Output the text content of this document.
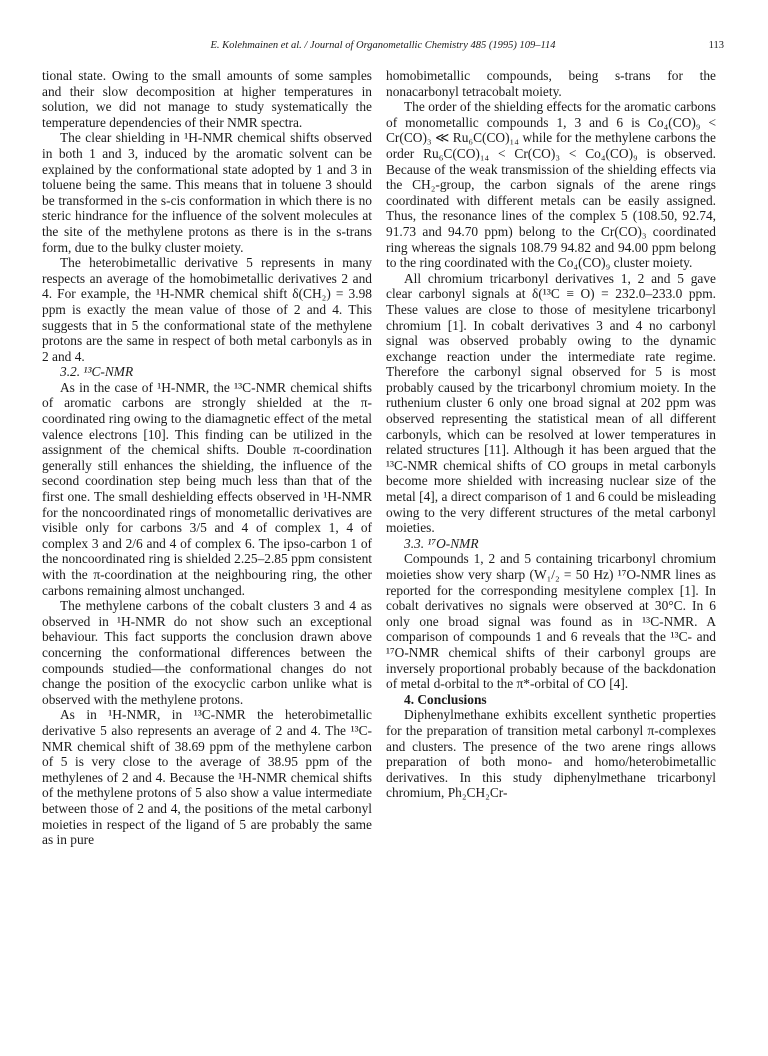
E. Kolehmainen et al. / Journal of Organometallic Chemistry 485 (1995) 109–114	113

tional state. Owing to the small amounts of some samples and their slow decomposition at higher temperatures in solution, we did not manage to study systematically the temperature dependencies of their NMR spectra.

The clear shielding in ¹H-NMR chemical shifts observed in both 1 and 3, induced by the aromatic solvent can be explained by the conformational state adopted by 1 and 3 in toluene being the same. This means that in toluene 3 should be transformed in the s-cis conformation in which there is no steric hindrance for the influence of the solvent molecules at the site of the methylene protons as there is in the s-trans form, due to the bulky cluster moiety.

The heterobimetallic derivative 5 represents in many respects an average of the homobimetallic derivatives 2 and 4. For example, the ¹H-NMR chemical shift δ(CH₂) = 3.98 ppm is exactly the mean value of those of 2 and 4. This suggests that in 5 the conformational state of the methylene protons are the same in respect of both metal carbonyls as in 2 and 4.

3.2. ¹³C-NMR

As in the case of ¹H-NMR, the ¹³C-NMR chemical shifts of aromatic carbons are strongly shielded at the π-coordinated ring owing to the diamagnetic effect of the metal valence electrons [10]. This finding can be utilized in the assignment of the chemical shifts. Double π-coordination generally still enhances the shielding, the influence of the second coordination step being much less than that of the first one. The small deshielding effects observed in ¹H-NMR for the noncoordinated rings of monometallic derivatives are visible only for carbons 3/5 and 4 of complex 1, 4 of complex 3 and 2/6 and 4 of complex 6. The ipso-carbon 1 of the noncoordinated ring is shielded 2.25–2.85 ppm consistent with the π-coordination at the neighbouring ring, the other carbons remaining almost unchanged.

The methylene carbons of the cobalt clusters 3 and 4 as observed in ¹H-NMR do not show such an exceptional behaviour. This fact supports the conclusion drawn above concerning the conformational differences between the compounds studied—the conformational changes do not change the position of the exocyclic carbon unlike what is observed with the methylene protons.

As in ¹H-NMR, in ¹³C-NMR the heterobimetallic derivative 5 also represents an average of 2 and 4. The ¹³C-NMR chemical shift of 38.69 ppm of the methylene carbon of 5 is very close to the average of 38.95 ppm of the methylenes of 2 and 4. Because the ¹H-NMR chemical shifts of the methylene protons of 5 also show a value intermediate between those of 2 and 4, the positions of the metal carbonyl moieties in respect of the ligand of 5 are probably the same as in pure

homobimetallic compounds, being s-trans for the nonacarbonyl tetracobalt moiety.

The order of the shielding effects for the aromatic carbons of monometallic compounds 1, 3 and 6 is Co₄(CO)₉ < Cr(CO)₃ ≪ Ru₆C(CO)₁₄ while for the methylene carbons the order Ru₆C(CO)₁₄ < Cr(CO)₃ < Co₄(CO)₉ is observed. Because of the weak transmission of the shielding effects via the CH₂-group, the carbon signals of the arene rings coordinated with different metals can be easily assigned. Thus, the resonance lines of the complex 5 (108.50, 92.74, 91.73 and 94.70 ppm) belong to the Cr(CO)₃ coordinated ring whereas the signals 108.79 94.82 and 94.00 ppm belong to the ring coordinated with the Co₄(CO)₉ cluster moiety.

All chromium tricarbonyl derivatives 1, 2 and 5 gave clear carbonyl signals at δ(¹³C ≡ O) = 232.0–233.0 ppm. These values are close to those of mesitylene tricarbonyl chromium [1]. In cobalt derivatives 3 and 4 no carbonyl signal was observed probably owing to the dynamic exchange reaction under the intermediate rate regime. Therefore the carbonyl signal observed for 5 is most probably caused by the tricarbonyl chromium moiety. In the ruthenium cluster 6 only one broad signal at 202 ppm was observed representing the statistical mean of all different carbonyls, which can be resolved at lower temperatures in related structures [11]. Although it has been argued that the ¹³C-NMR chemical shifts of CO groups in metal carbonyls become more shielded with increasing nuclear size of the metal [4], a direct comparison of 1 and 6 could be misleading owing to the very different structures of the metal carbonyl moieties.

3.3. ¹⁷O-NMR

Compounds 1, 2 and 5 containing tricarbonyl chromium moieties show very sharp (W₁/₂ = 50 Hz) ¹⁷O-NMR lines as reported for the corresponding mesitylene complex [1]. In cobalt derivatives no signals were observed at 30°C. In 6 only one broad signal was found as in ¹³C-NMR. A comparison of compounds 1 and 6 reveals that the ¹³C- and ¹⁷O-NMR chemical shifts of their carbonyl groups are inversely proportional probably because of the backdonation of metal d-orbital to the π*-orbital of CO [4].

4. Conclusions

Diphenylmethane exhibits excellent synthetic properties for the preparation of transition metal carbonyl π-complexes and clusters. The presence of the two arene rings allows preparation of both mono- and homo/heterobimetallic derivatives. In this study diphenylmethane tricarbonyl chromium, Ph₂CH₂Cr-
